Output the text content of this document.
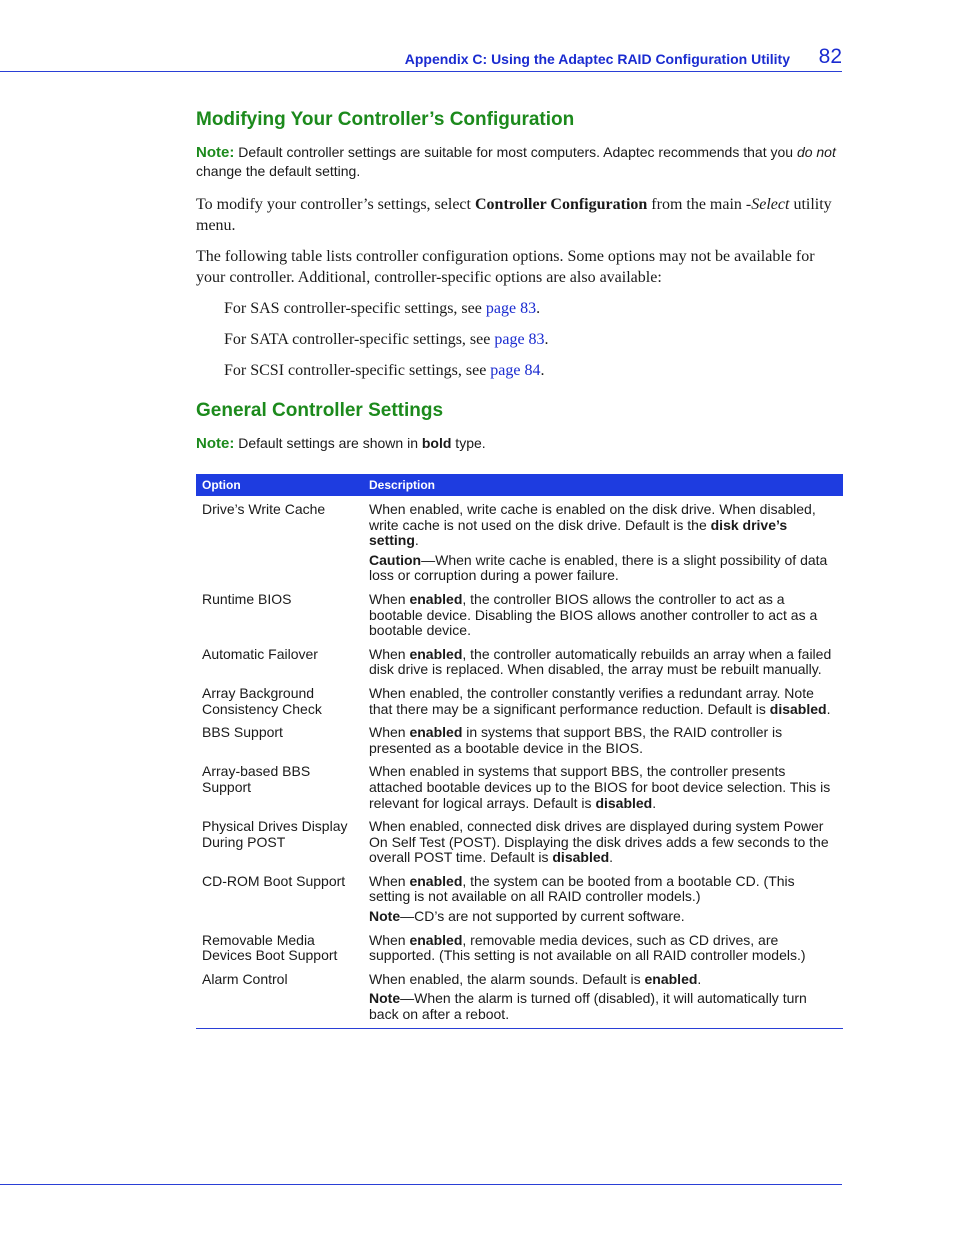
Appendix C: Using the Adaptec RAID Configuration Utility 82
Modifying Your Controller’s Configuration

Note: Default controller settings are suitable for most computers. Adaptec recommends that you do not change the default setting.

To modify your controller’s settings, select Controller Configuration from the main -Select utility menu.

The following table lists controller configuration options. Some options may not be available for your controller. Additional, controller-specific options are also available:

For SAS controller-specific settings, see page 83.

For SATA controller-specific settings, see page 83.

For SCSI controller-specific settings, see page 84.

General Controller Settings

Note: Default settings are shown in bold type.

Option	Description
Drive’s Write Cache	When enabled, write cache is enabled on the disk drive. When disabled, write cache is not used on the disk drive. Default is the disk drive’s setting.
Caution—When write cache is enabled, there is a slight possibility of data loss or corruption during a power failure.

Runtime BIOS	When enabled, the controller BIOS allows the controller to act as a bootable device. Disabling the BIOS allows another controller to act as a bootable device.

Automatic Failover	When enabled, the controller automatically rebuilds an array when a failed disk drive is replaced. When disabled, the array must be rebuilt manually.

Array Background Consistency Check	When enabled, the controller constantly verifies a redundant array. Note that there may be a significant performance reduction. Default is disabled.

BBS Support	When enabled in systems that support BBS, the RAID controller is presented as a bootable device in the BIOS.

Array-based BBS Support	When enabled in systems that support BBS, the controller presents attached bootable devices up to the BIOS for boot device selection. This is relevant for logical arrays. Default is disabled.

Physical Drives Display During POST	When enabled, connected disk drives are displayed during system Power On Self Test (POST). Displaying the disk drives adds a few seconds to the overall POST time. Default is disabled.

CD-ROM Boot Support	When enabled, the system can be booted from a bootable CD. (This setting is not available on all RAID controller models.)
Note—CD’s are not supported by current software.

Removable Media Devices Boot Support	When enabled, removable media devices, such as CD drives, are supported. (This setting is not available on all RAID controller models.)

Alarm Control	When enabled, the alarm sounds. Default is enabled.
Note—When the alarm is turned off (disabled), it will automatically turn back on after a reboot.
